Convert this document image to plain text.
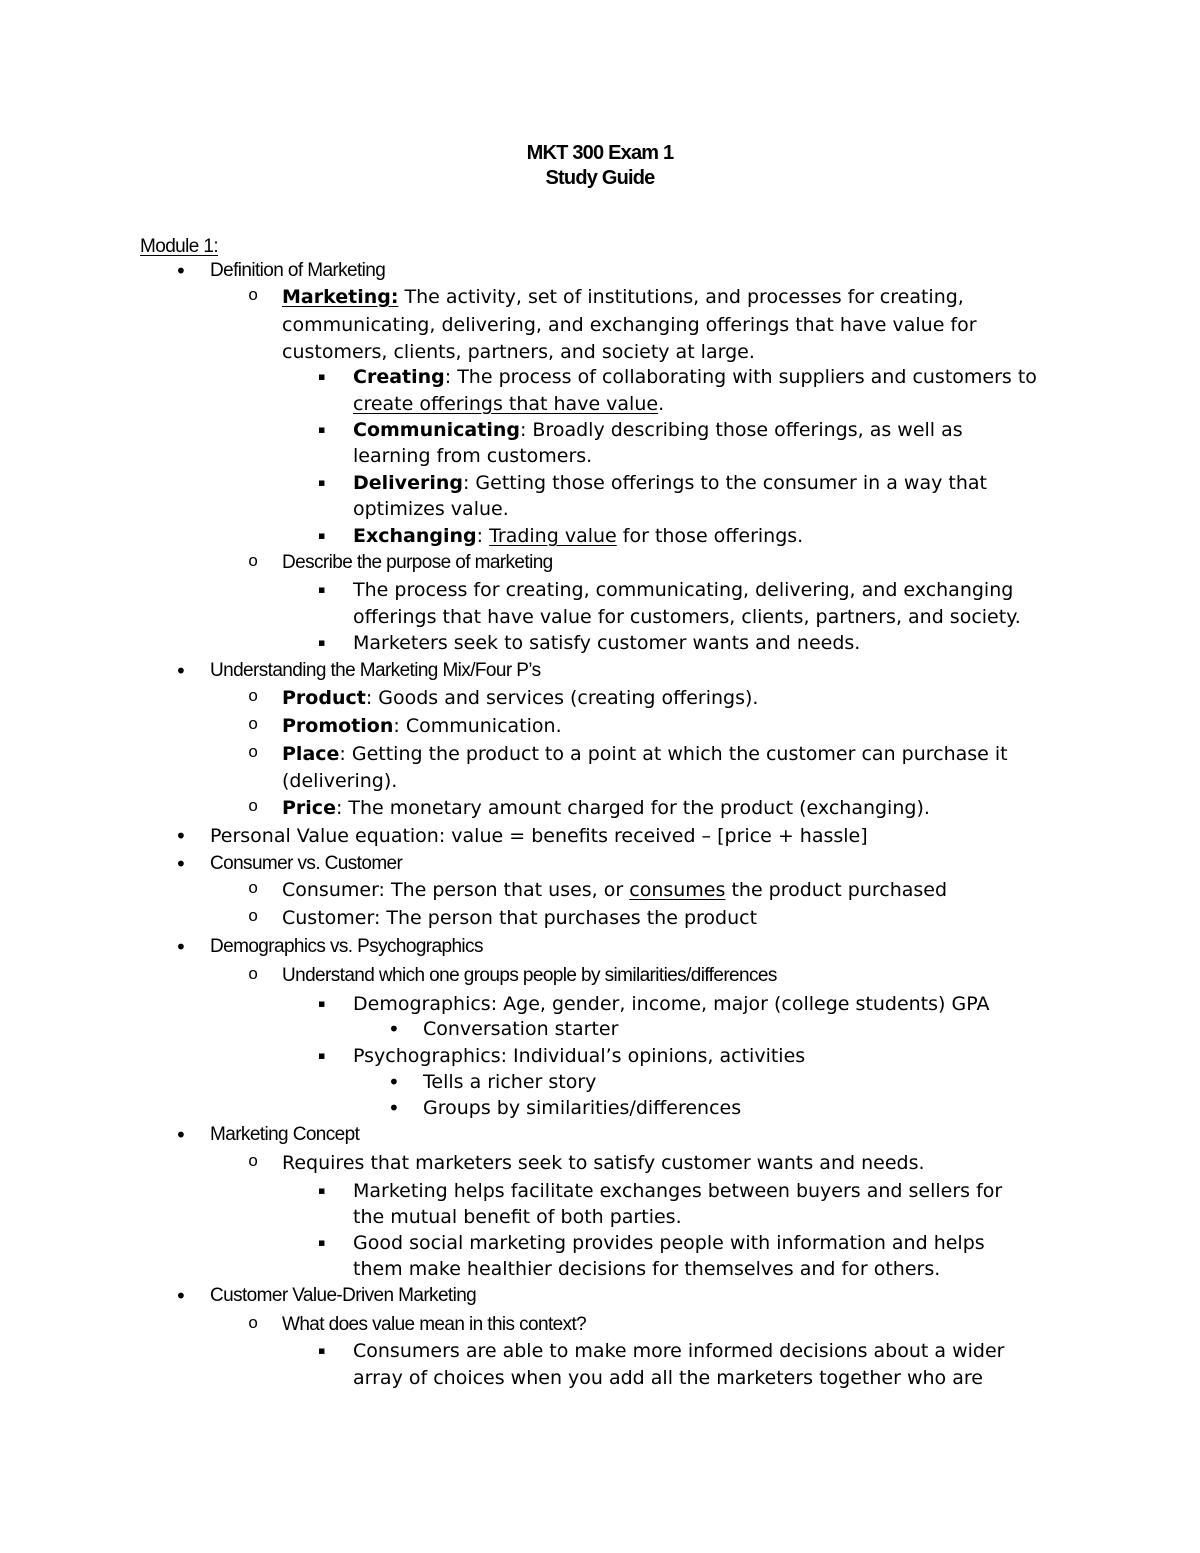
MKT 300 Exam 1
Study Guide
Module 1:
• Definition of Marketing
o Marketing: The activity, set of institutions, and processes for creating,
communicating, delivering, and exchanging offerings that have value for
customers, clients, partners, and society at large.
▪ Creating: The process of collaborating with suppliers and customers to
create offerings that have value.
▪ Communicating: Broadly describing those offerings, as well as
learning from customers.
▪ Delivering: Getting those offerings to the consumer in a way that
optimizes value.
▪ Exchanging: Trading value for those offerings.
o Describe the purpose of marketing
▪ The process for creating, communicating, delivering, and exchanging
offerings that have value for customers, clients, partners, and society.
▪ Marketers seek to satisfy customer wants and needs.
• Understanding the Marketing Mix/Four P’s
o Product: Goods and services (creating offerings).
o Promotion: Communication.
o Place: Getting the product to a point at which the customer can purchase it
(delivering).
o Price: The monetary amount charged for the product (exchanging).
• Personal Value equation: value = benefits received – [price + hassle]
• Consumer vs. Customer
o Consumer: The person that uses, or consumes the product purchased
o Customer: The person that purchases the product
• Demographics vs. Psychographics
o Understand which one groups people by similarities/differences
▪ Demographics: Age, gender, income, major (college students) GPA
• Conversation starter
▪ Psychographics: Individual’s opinions, activities
• Tells a richer story
• Groups by similarities/differences
• Marketing Concept
o Requires that marketers seek to satisfy customer wants and needs.
▪ Marketing helps facilitate exchanges between buyers and sellers for
the mutual benefit of both parties.
▪ Good social marketing provides people with information and helps
them make healthier decisions for themselves and for others.
• Customer Value-Driven Marketing
o What does value mean in this context?
▪ Consumers are able to make more informed decisions about a wider
array of choices when you add all the marketers together who are
